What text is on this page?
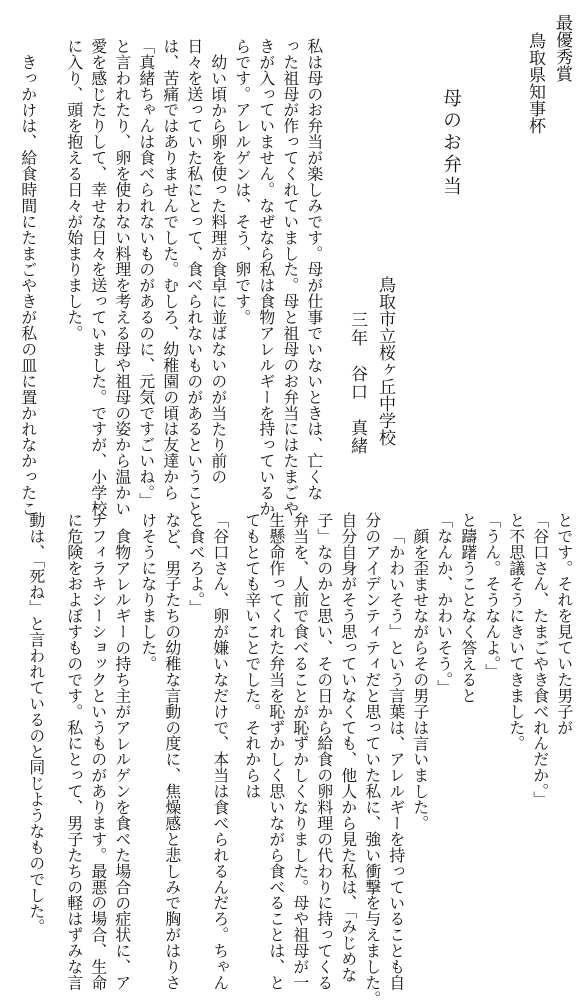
最優秀賞
鳥取県知事杯
母のお弁当
鳥取市立桜ヶ丘中学校
三年　谷口　真緒
私は母のお弁当が楽しみです。母が仕事でいないときは、亡くな
った祖母が作ってくれていました。母と祖母のお弁当にはたまごや
きが入っていません。なぜなら私は食物アレルギーを持っているか
らです。アレルゲンは、そう、卵です。
幼い頃から卵を使った料理が食卓に並ばないのが当たり前の
日々を送っていた私にとって、食べられないものがあるということ
は、苦痛ではありませんでした。むしろ、幼稚園の頃は友達から
「真緒ちゃんは食べられないものがあるのに、元気ですごいね。」
と言われたり、卵を使わない料理を考える母や祖母の姿から温かい
愛を感じたりして、幸せな日々を送っていました。ですが、小学校
に入り、頭を抱える日々が始まりました。
きっかけは、給食時間にたまごやきが私の皿に置かれなかったこ
とです。それを見ていた男子が
「谷口さん、たまごやき食べれんだか。」
と不思議そうにきいてきました。
「うん。そうなんよ。」
と躊躇うことなく答えると
「なんか、かわいそう。」
顔を歪ませながらその男子は言いました。
「かわいそう」という言葉は、アレルギーを持っていることも自
分のアイデンティティだと思っていた私に、強い衝撃を与えました。
自分自身がそう思っていなくても、他人から見た私は、「みじめな
子」なのかと思い、その日から給食の卵料理の代わりに持ってくる
弁当を、人前で食べることが恥ずかしくなりました。母や祖母が一
生懸命作ってくれた弁当を恥ずかしく思いながら食べることは、と
てもとても辛いことでした。それからは
「谷口さん、卵が嫌いなだけで、本当は食べられるんだろ。ちゃん
と食べろよ。」
など、男子たちの幼稚な言動の度に、焦燥感と悲しみで胸がはりさ
けそうになりました。
食物アレルギーの持ち主がアレルゲンを食べた場合の症状に、ア
ナフィラキシーショックというものがあります。最悪の場合、生命
に危険をおよぼすものです。私にとって、男子たちの軽はずみな言
動は、「死ね」と言われているのと同じようなものでした。
